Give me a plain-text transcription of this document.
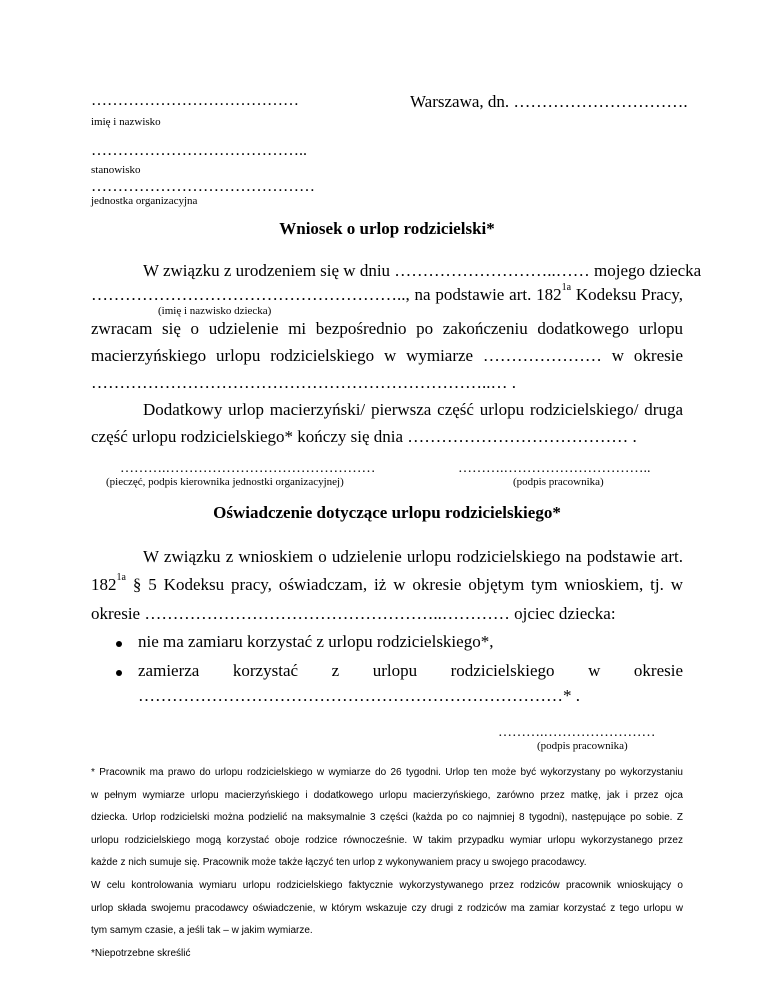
…………………………………
imię i nazwisko
Warszawa, dn. ………………………….
…………………………………..
stanowisko
……………………………………
jednostka organizacyjna
Wniosek o urlop rodzicielski*
W związku z urodzeniem się w dniu ………………………..…… mojego dziecka
……………………………………………….., na podstawie art. $182^{1a}$ Kodeksu Pracy,
(imię i nazwisko dziecka)
zwracam się o udzielenie mi bezpośrednio po zakończeniu dodatkowego urlopu
macierzyńskiego urlopu rodzicielskiego w wymiarze ………………… w okresie
……………………………………………………………..… .
Dodatkowy urlop macierzyński/ pierwsza część urlopu rodzicielskiego/ druga
część urlopu rodzicielskiego* kończy się dnia ………………………………… .
……….………………………………………
(pieczęć, podpis kierownika jednostki organizacyjnej)
……….…………………………..
(podpis pracownika)
Oświadczenie dotyczące urlopu rodzicielskiego*
W związku z wnioskiem o udzielenie urlopu rodzicielskiego na podstawie art.
$182^{1a}$ § 5 Kodeksu pracy, oświadczam, iż w okresie objętym tym wnioskiem, tj. w
okresie ……………………………………………..………… ojciec dziecka:
nie ma zamiaru korzystać z urlopu rodzicielskiego*,
zamierza korzystać z urlopu rodzicielskiego w okresie
…………………………………………………………………* .
……….……………………
(podpis pracownika)

* Pracownik ma prawo do urlopu rodzicielskiego w wymiarze do 26 tygodni. Urlop ten może być wykorzystany po wykorzystaniu

w pełnym wymiarze urlopu macierzyńskiego i dodatkowego urlopu macierzyńskiego, zarówno przez matkę, jak i przez ojca

dziecka. Urlop rodzicielski można podzielić na maksymalnie 3 części (każda po co najmniej 8 tygodni), następujące po sobie. Z

urlopu rodzicielskiego mogą korzystać oboje rodzice równocześnie. W takim przypadku wymiar urlopu wykorzystanego przez

każde z nich sumuje się. Pracownik może także łączyć ten urlop z wykonywaniem pracy u swojego pracodawcy.

W celu kontrolowania wymiaru urlopu rodzicielskiego faktycznie wykorzystywanego przez rodziców pracownik wnioskujący o

urlop składa swojemu pracodawcy oświadczenie, w którym wskazuje czy drugi z rodziców ma zamiar korzystać z tego urlopu w

tym samym czasie, a jeśli tak – w jakim wymiarze.

*Niepotrzebne skreślić
